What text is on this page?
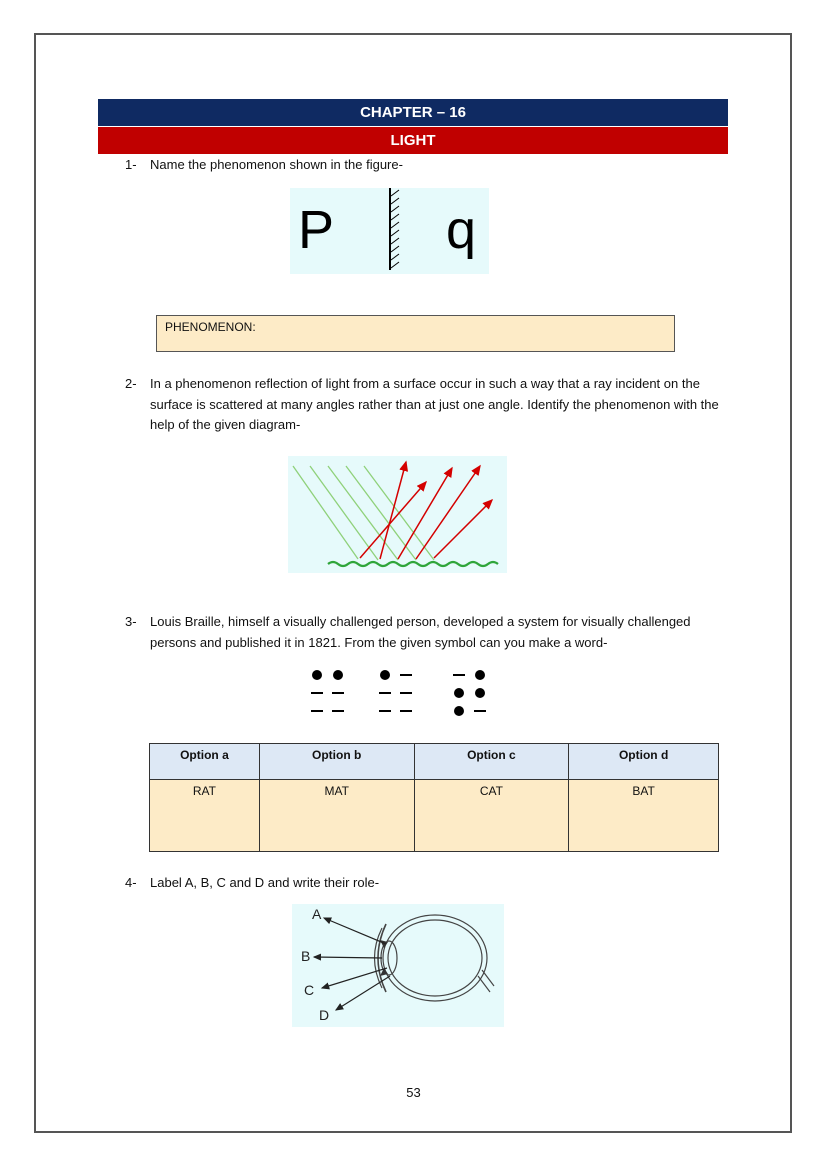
CHAPTER – 16
LIGHT
1- Name the phenomenon shown in the figure-
P q
PHENOMENON:
2- In a phenomenon reflection of light from a surface occur in such a way that a ray incident on the surface is scattered at many angles rather than at just one angle. Identify the phenomenon with the help of the given diagram-
3- Louis Braille, himself a visually challenged person, developed a system for visually challenged persons and published it in 1821. From the given symbol can you make a word-
Option a	Option b	Option c	Option d
RAT	MAT	CAT	BAT
4- Label A, B, C and D and write their role-
A
B
C
D
53
